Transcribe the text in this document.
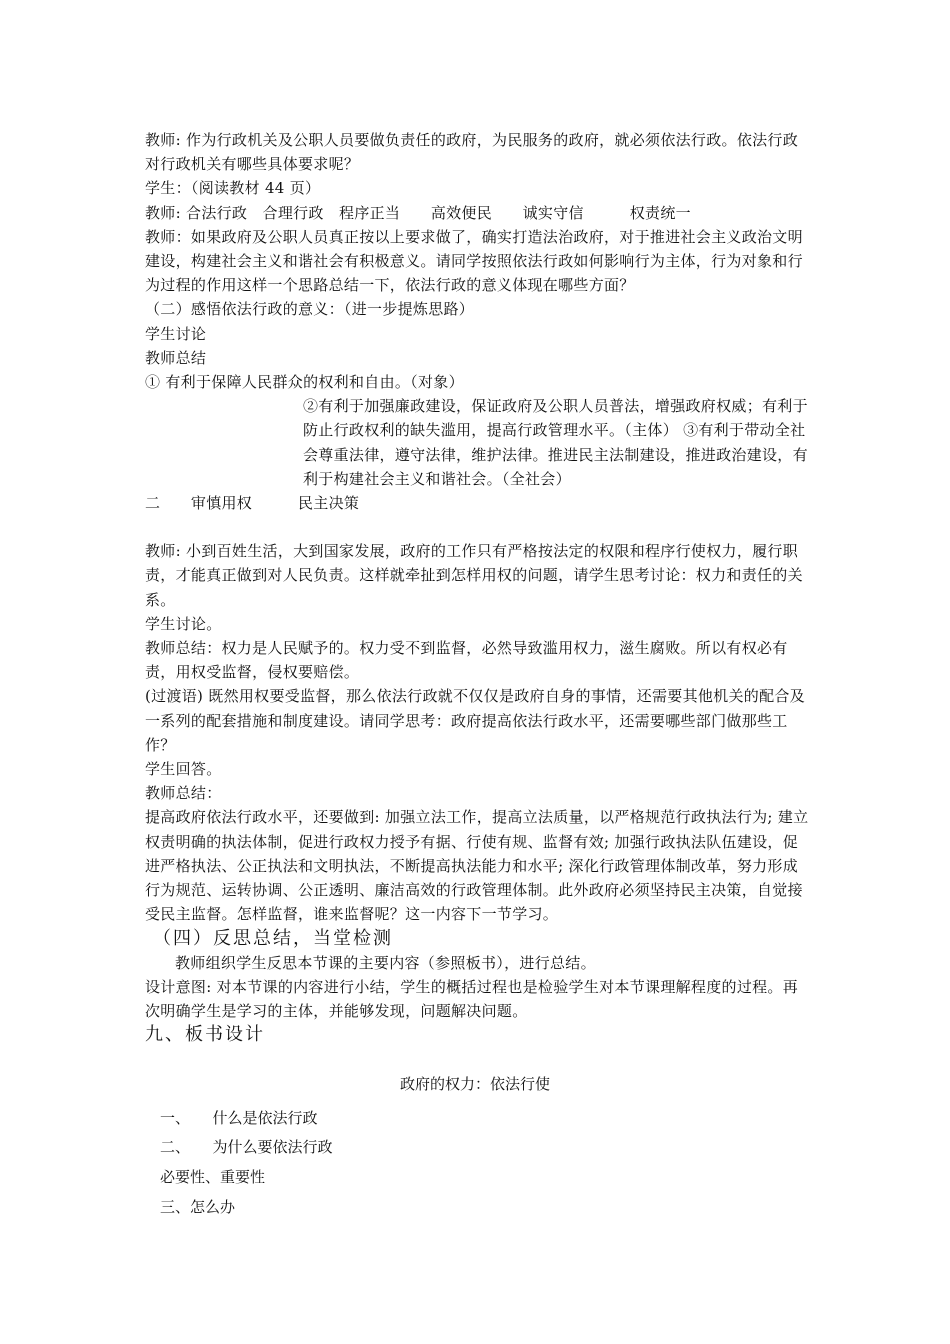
教师: 作为行政机关及公职人员要做负责任的政府，为民服务的政府，就必须依法行政。依法行政对行政机关有哪些具体要求呢？

学生：（阅读教材 44 页）

教师: 合法行政　合理行政　程序正当　　高效便民　　诚实守信　　　权责统一

教师：如果政府及公职人员真正按以上要求做了，确实打造法治政府，对于推进社会主义政治文明建设，构建社会主义和谐社会有积极意义。请同学按照依法行政如何影响行为主体，行为对象和行为过程的作用这样一个思路总结一下，依法行政的意义体现在哪些方面？

（二）感悟依法行政的意义：（进一步提炼思路）

学生讨论

教师总结

① 有利于保障人民群众的权利和自由。（对象）

②有利于加强廉政建设，保证政府及公职人员普法，增强政府权威；有利于防止行政权利的缺失滥用，提高行政管理水平。（主体） ③有利于带动全社会尊重法律，遵守法律，维护法律。推进民主法制建设，推进政治建设，有利于构建社会主义和谐社会。（全社会）

二　　审慎用权　　　民主决策

教师: 小到百姓生活，大到国家发展，政府的工作只有严格按法定的权限和程序行使权力，履行职责，才能真正做到对人民负责。这样就牵扯到怎样用权的问题，请学生思考讨论：权力和责任的关系。

学生讨论。

教师总结：权力是人民赋予的。权力受不到监督，必然导致滥用权力，滋生腐败。所以有权必有责，用权受监督，侵权要赔偿。

(过渡语) 既然用权要受监督，那么依法行政就不仅仅是政府自身的事情，还需要其他机关的配合及一系列的配套措施和制度建设。请同学思考：政府提高依法行政水平，还需要哪些部门做那些工作？

学生回答。

教师总结：

提高政府依法行政水平，还要做到: 加强立法工作，提高立法质量，以严格规范行政执法行为; 建立权责明确的执法体制，促进行政权力授予有据、行使有规、监督有效; 加强行政执法队伍建设，促进严格执法、公正执法和文明执法，不断提高执法能力和水平; 深化行政管理体制改革，努力形成行为规范、运转协调、公正透明、廉洁高效的行政管理体制。此外政府必须坚持民主决策，自觉接受民主监督。怎样监督，谁来监督呢？这一内容下一节学习。

（四）反思总结，当堂检测

教师组织学生反思本节课的主要内容（参照板书），进行总结。

设计意图: 对本节课的内容进行小结，学生的概括过程也是检验学生对本节课理解程度的过程。再次明确学生是学习的主体，并能够发现，问题解决问题。

九、板书设计

政府的权力：依法行使
一、　　什么是依法行政
二、　　为什么要依法行政
必要性、重要性
三、怎么办
